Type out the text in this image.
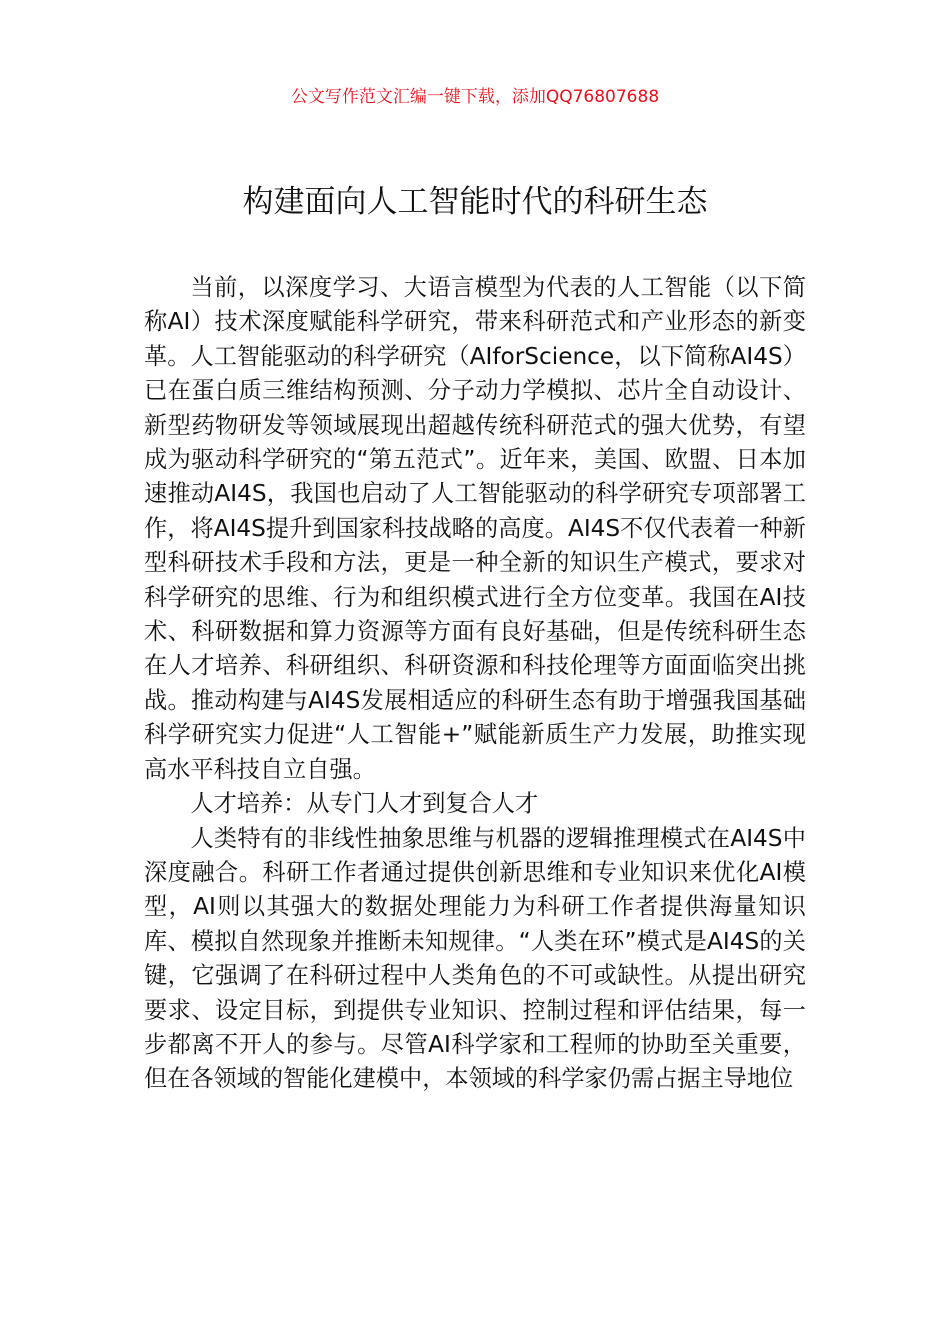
公文写作范文汇编一键下载，添加QQ76807688
构建面向人工智能时代的科研生态

当前，以深度学习、大语言模型为代表的人工智能（以下简称AI）技术深度赋能科学研究，带来科研范式和产业形态的新变革。人工智能驱动的科学研究（AIforScience，以下简称AI4S）已在蛋白质三维结构预测、分子动力学模拟、芯片全自动设计、新型药物研发等领域展现出超越传统科研范式的强大优势，有望成为驱动科学研究的“第五范式”。近年来，美国、欧盟、日本加速推动AI4S，我国也启动了人工智能驱动的科学研究专项部署工作，将AI4S提升到国家科技战略的高度。AI4S不仅代表着一种新型科研技术手段和方法，更是一种全新的知识生产模式，要求对科学研究的思维、行为和组织模式进行全方位变革。我国在AI技术、科研数据和算力资源等方面有良好基础，但是传统科研生态在人才培养、科研组织、科研资源和科技伦理等方面面临突出挑战。推动构建与AI4S发展相适应的科研生态有助于增强我国基础科学研究实力促进“人工智能+”赋能新质生产力发展，助推实现高水平科技自立自强。

人才培养：从专门人才到复合人才

人类特有的非线性抽象思维与机器的逻辑推理模式在AI4S中深度融合。科研工作者通过提供创新思维和专业知识来优化AI模型，AI则以其强大的数据处理能力为科研工作者提供海量知识库、模拟自然现象并推断未知规律。“人类在环”模式是AI4S的关键，它强调了在科研过程中人类角色的不可或缺性。从提出研究要求、设定目标，到提供专业知识、控制过程和评估结果，每一步都离不开人的参与。尽管AI科学家和工程师的协助至关重要，但在各领域的智能化建模中，本领域的科学家仍需占据主导地位
